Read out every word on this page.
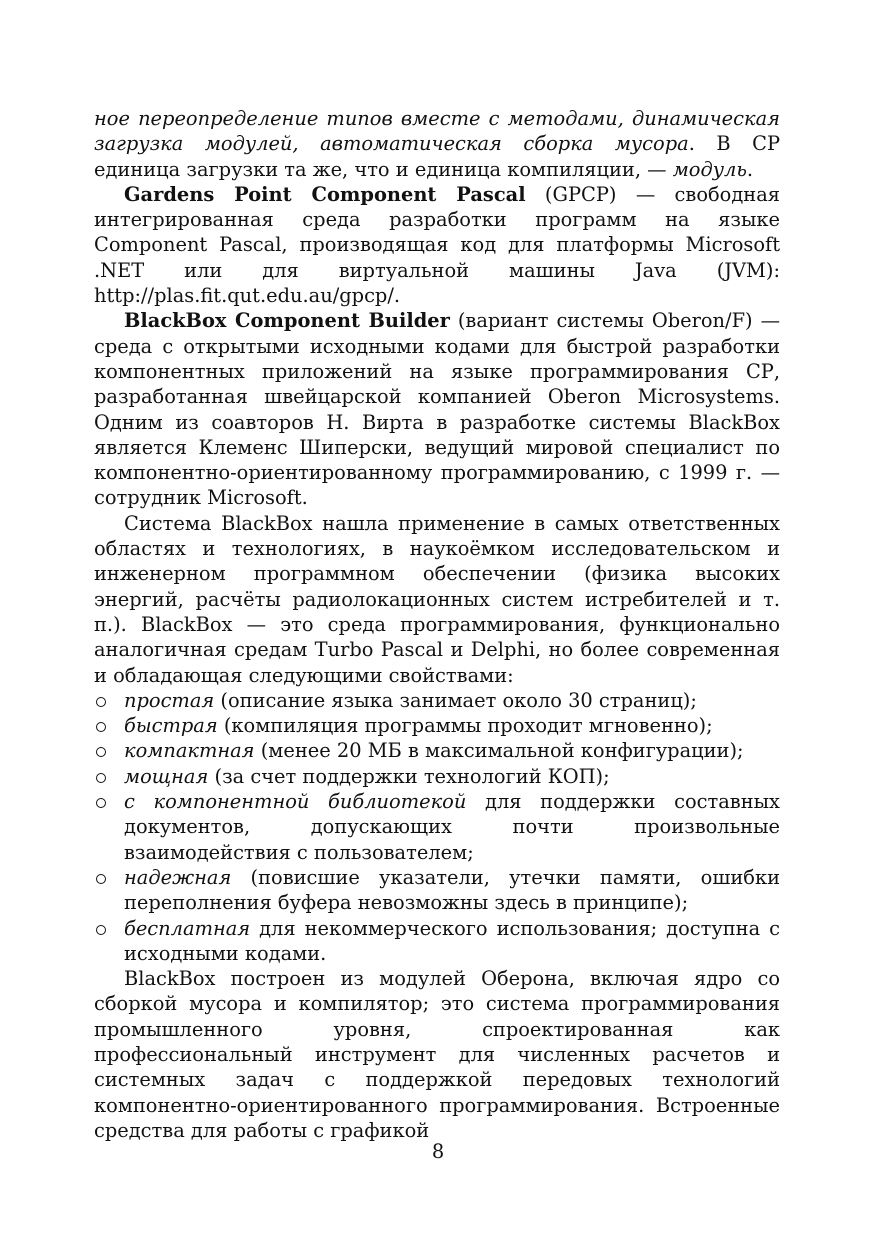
ное переопределение типов вместе с методами, динамическая загрузка модулей, автоматическая сборка мусора. В СР единица загрузки та же, что и единица компиляции, — модуль.

Gardens Point Component Pascal (GPCP) — свободная интегрированная среда разработки программ на языке Component Pascal, производящая код для платформы Microsoft .NET или для виртуальной машины Java (JVM): http://plas.fit.qut.edu.au/gpcp/.

BlackBox Component Builder (вариант системы Oberon/F) — среда с открытыми исходными кодами для быстрой разработки компонентных приложений на языке программирования СР, разработанная швейцарской компанией Oberon Microsystems. Одним из соавторов Н. Вирта в разработке системы BlackBox является Клеменс Шиперски, ведущий мировой специалист по компонентно-ориентированному программированию, с 1999 г. — сотрудник Microsoft.

Система BlackBox нашла применение в самых ответственных областях и технологиях, в наукоёмком исследовательском и инженерном программном обеспечении (физика высоких энергий, расчёты радиолокационных систем истребителей и т. п.). BlackBox — это среда программирования, функционально аналогичная средам Turbo Pascal и Delphi, но более современная и обладающая следующими свойствами:

простая (описание языка занимает около 30 страниц);
быстрая (компиляция программы проходит мгновенно);
компактная (менее 20 МБ в максимальной конфигурации);
мощная (за счет поддержки технологий КОП);
с компонентной библиотекой для поддержки составных документов, допускающих почти произвольные взаимодействия с пользователем;
надежная (повисшие указатели, утечки памяти, ошибки переполнения буфера невозможны здесь в принципе);
бесплатная для некоммерческого использования; доступна с исходными кодами.

BlackBox построен из модулей Оберона, включая ядро со сборкой мусора и компилятор; это система программирования промышленного уровня, спроектированная как профессиональный инструмент для численных расчетов и системных задач с поддержкой передовых технологий компонентно-ориентированного программирования. Встроенные средства для работы с графикой

8
